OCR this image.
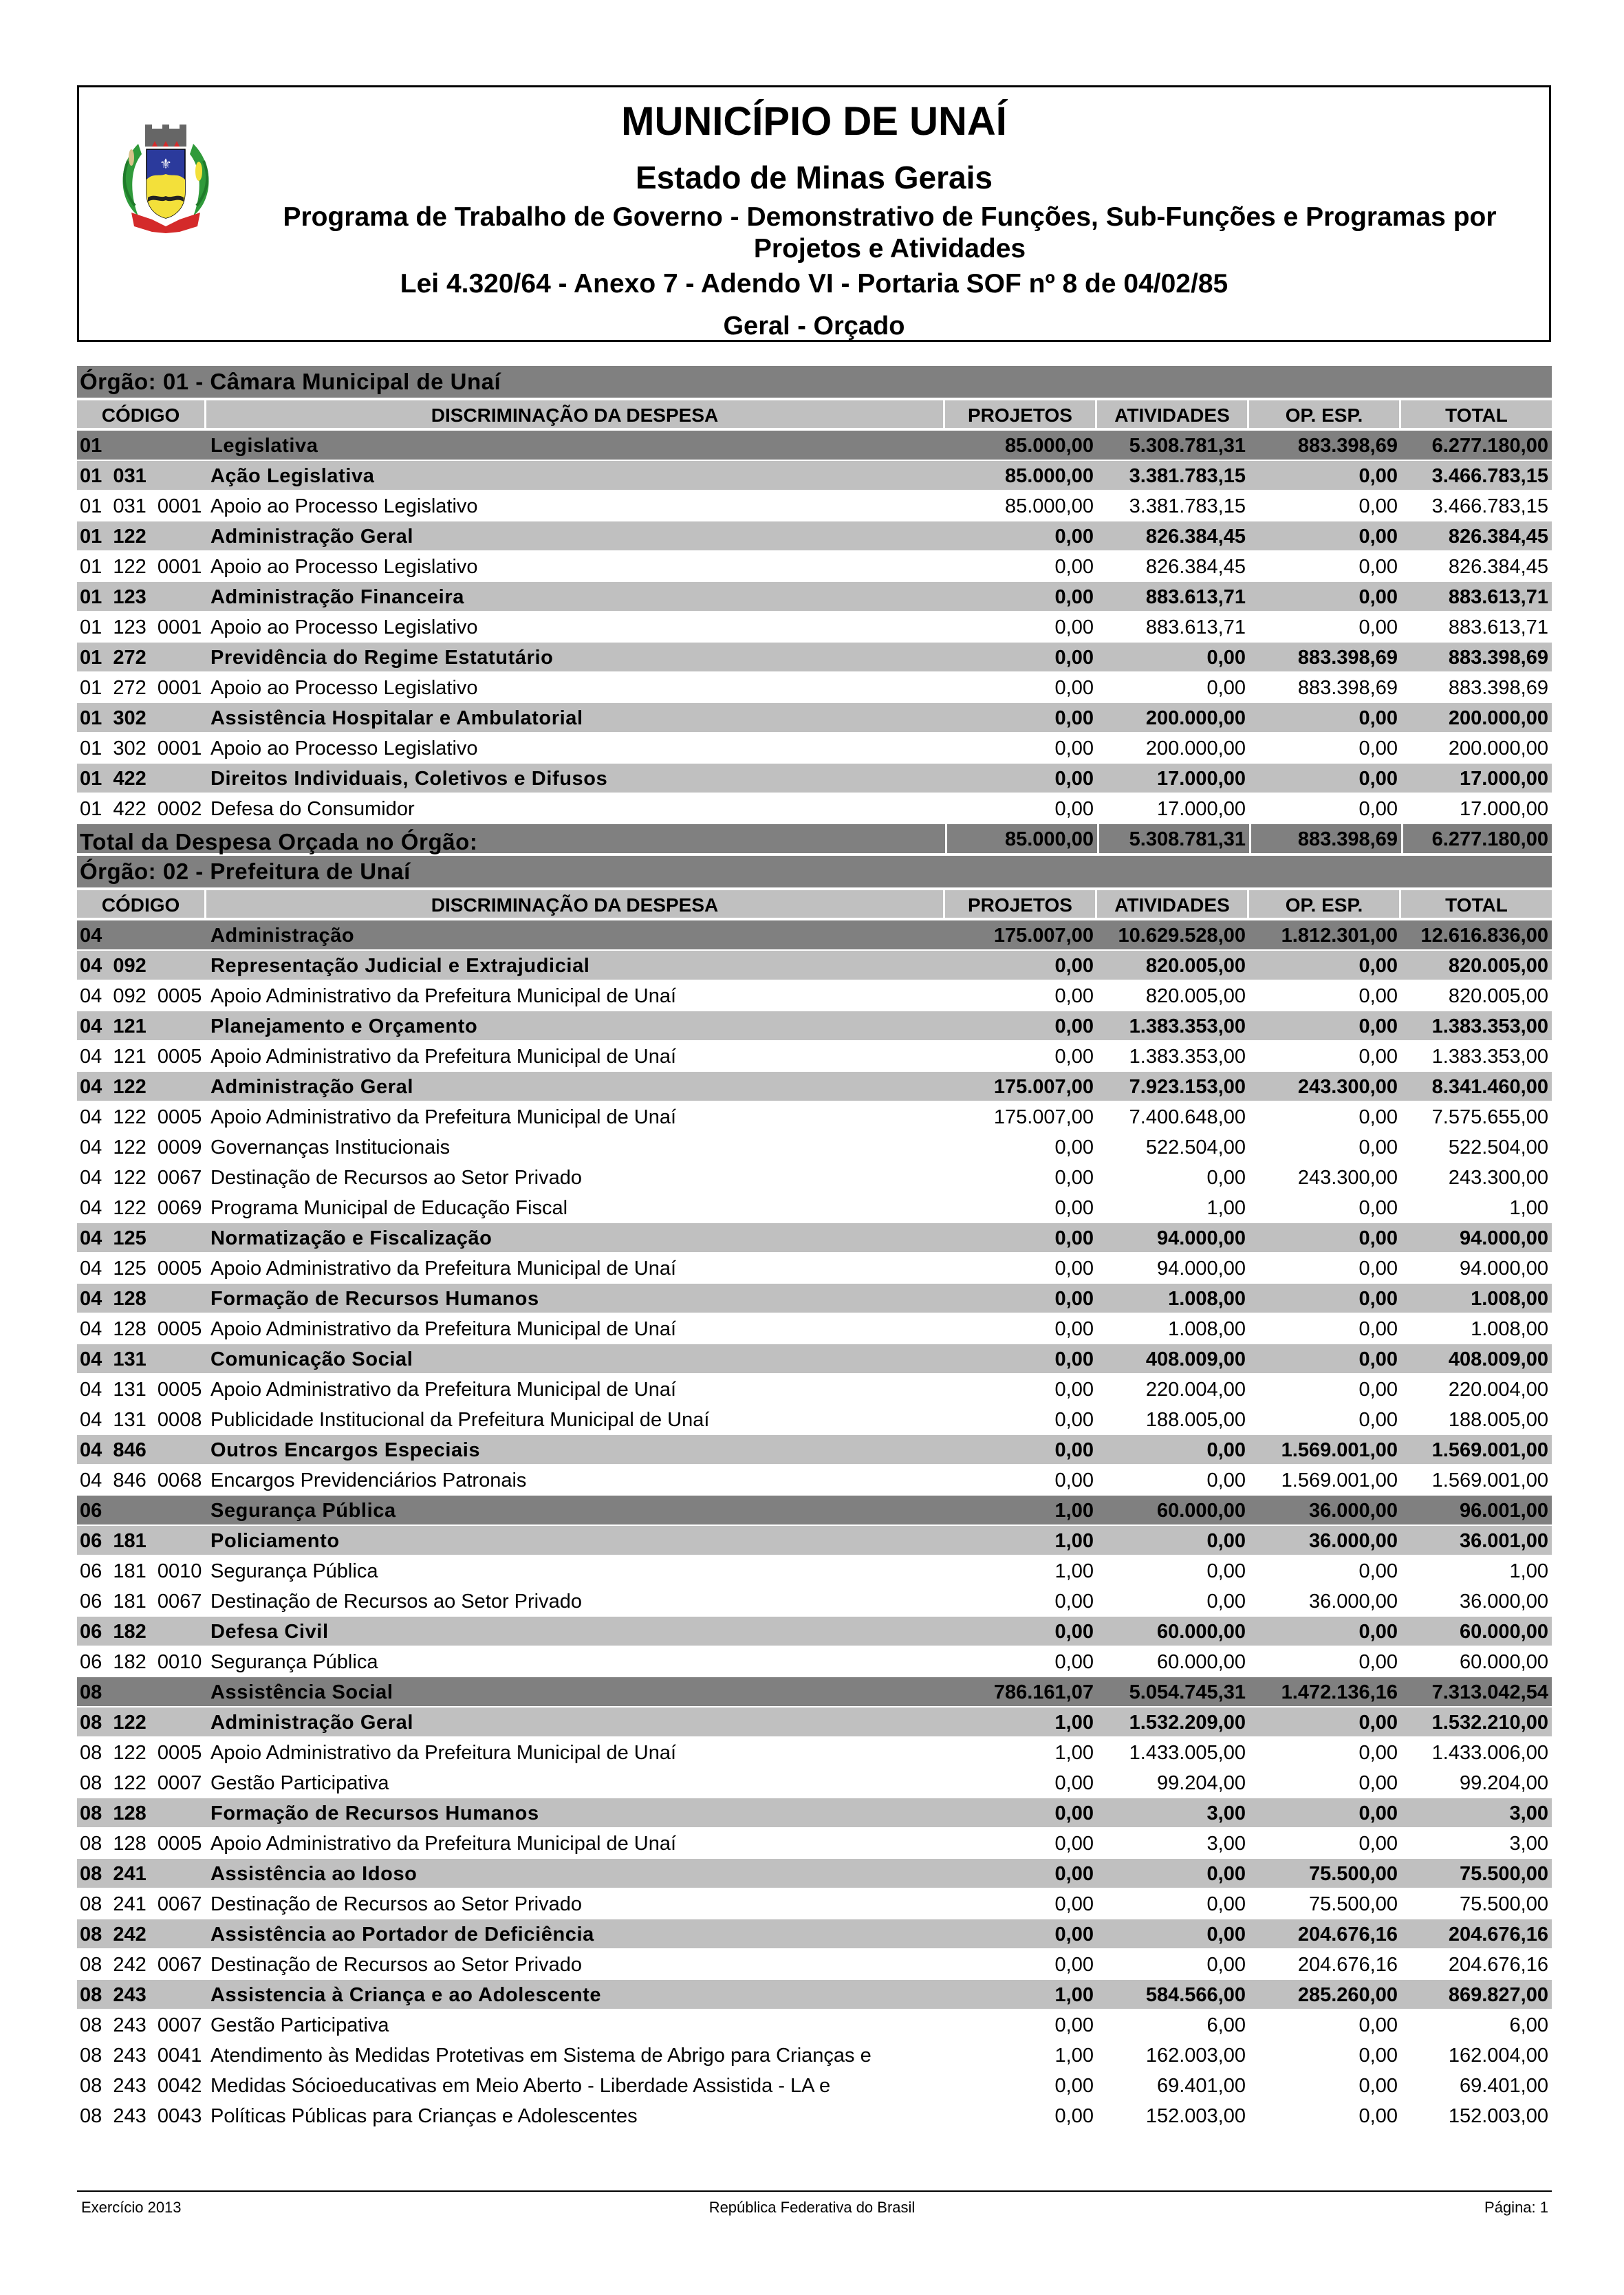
⚜
MUNICÍPIO DE UNAÍ
Estado de Minas Gerais
Programa de Trabalho de Governo - Demonstrativo de Funções, Sub-Funções e Programas por Projetos e Atividades
Lei 4.320/64 - Anexo 7 - Adendo VI - Portaria SOF nº 8 de 04/02/85
Geral - Orçado
Órgão: 01 - Câmara Municipal de Unaí
CÓDIGO	DISCRIMINAÇÃO DA DESPESA	PROJETOS	ATIVIDADES	OP. ESP.	TOTAL
01	Legislativa	85.000,00	5.308.781,31	883.398,69	6.277.180,00
01  031	Ação Legislativa	85.000,00	3.381.783,15	0,00	3.466.783,15
01  031  0001 Apoio ao Processo Legislativo	85.000,00	3.381.783,15	0,00	3.466.783,15
01  122	Administração Geral	0,00	826.384,45	0,00	826.384,45
01  122  0001 Apoio ao Processo Legislativo	0,00	826.384,45	0,00	826.384,45
01  123	Administração Financeira	0,00	883.613,71	0,00	883.613,71
01  123  0001 Apoio ao Processo Legislativo	0,00	883.613,71	0,00	883.613,71
01  272	Previdência do Regime Estatutário	0,00	0,00	883.398,69	883.398,69
01  272  0001 Apoio ao Processo Legislativo	0,00	0,00	883.398,69	883.398,69
01  302	Assistência Hospitalar e Ambulatorial	0,00	200.000,00	0,00	200.000,00
01  302  0001 Apoio ao Processo Legislativo	0,00	200.000,00	0,00	200.000,00
01  422	Direitos Individuais, Coletivos e Difusos	0,00	17.000,00	0,00	17.000,00
01  422  0002 Defesa do Consumidor	0,00	17.000,00	0,00	17.000,00
Total da Despesa Orçada no Órgão:	85.000,00	5.308.781,31	883.398,69	6.277.180,00
Órgão: 02 - Prefeitura de Unaí
CÓDIGO	DISCRIMINAÇÃO DA DESPESA	PROJETOS	ATIVIDADES	OP. ESP.	TOTAL
04	Administração	175.007,00	10.629.528,00	1.812.301,00	12.616.836,00
04  092	Representação Judicial e Extrajudicial	0,00	820.005,00	0,00	820.005,00
04  092  0005 Apoio Administrativo da Prefeitura Municipal de Unaí	0,00	820.005,00	0,00	820.005,00
04  121	Planejamento e Orçamento	0,00	1.383.353,00	0,00	1.383.353,00
04  121  0005 Apoio Administrativo da Prefeitura Municipal de Unaí	0,00	1.383.353,00	0,00	1.383.353,00
04  122	Administração Geral	175.007,00	7.923.153,00	243.300,00	8.341.460,00
04  122  0005 Apoio Administrativo da Prefeitura Municipal de Unaí	175.007,00	7.400.648,00	0,00	7.575.655,00
04  122  0009 Governanças Institucionais	0,00	522.504,00	0,00	522.504,00
04  122  0067 Destinação de Recursos ao Setor Privado	0,00	0,00	243.300,00	243.300,00
04  122  0069 Programa Municipal de Educação Fiscal	0,00	1,00	0,00	1,00
04  125	Normatização e Fiscalização	0,00	94.000,00	0,00	94.000,00
04  125  0005 Apoio Administrativo da Prefeitura Municipal de Unaí	0,00	94.000,00	0,00	94.000,00
04  128	Formação de Recursos Humanos	0,00	1.008,00	0,00	1.008,00
04  128  0005 Apoio Administrativo da Prefeitura Municipal de Unaí	0,00	1.008,00	0,00	1.008,00
04  131	Comunicação Social	0,00	408.009,00	0,00	408.009,00
04  131  0005 Apoio Administrativo da Prefeitura Municipal de Unaí	0,00	220.004,00	0,00	220.004,00
04  131  0008 Publicidade Institucional da Prefeitura Municipal de Unaí	0,00	188.005,00	0,00	188.005,00
04  846	Outros Encargos Especiais	0,00	0,00	1.569.001,00	1.569.001,00
04  846  0068 Encargos Previdenciários Patronais	0,00	0,00	1.569.001,00	1.569.001,00
06	Segurança Pública	1,00	60.000,00	36.000,00	96.001,00
06  181	Policiamento	1,00	0,00	36.000,00	36.001,00
06  181  0010 Segurança Pública	1,00	0,00	0,00	1,00
06  181  0067 Destinação de Recursos ao Setor Privado	0,00	0,00	36.000,00	36.000,00
06  182	Defesa Civil	0,00	60.000,00	0,00	60.000,00
06  182  0010 Segurança Pública	0,00	60.000,00	0,00	60.000,00
08	Assistência Social	786.161,07	5.054.745,31	1.472.136,16	7.313.042,54
08  122	Administração Geral	1,00	1.532.209,00	0,00	1.532.210,00
08  122  0005 Apoio Administrativo da Prefeitura Municipal de Unaí	1,00	1.433.005,00	0,00	1.433.006,00
08  122  0007 Gestão Participativa	0,00	99.204,00	0,00	99.204,00
08  128	Formação de Recursos Humanos	0,00	3,00	0,00	3,00
08  128  0005 Apoio Administrativo da Prefeitura Municipal de Unaí	0,00	3,00	0,00	3,00
08  241	Assistência ao Idoso	0,00	0,00	75.500,00	75.500,00
08  241  0067 Destinação de Recursos ao Setor Privado	0,00	0,00	75.500,00	75.500,00
08  242	Assistência ao Portador de Deficiência	0,00	0,00	204.676,16	204.676,16
08  242  0067 Destinação de Recursos ao Setor Privado	0,00	0,00	204.676,16	204.676,16
08  243	Assistencia à Criança e ao Adolescente	1,00	584.566,00	285.260,00	869.827,00
08  243  0007 Gestão Participativa	0,00	6,00	0,00	6,00
08  243  0041 Atendimento às Medidas Protetivas em Sistema de Abrigo para Crianças e	1,00	162.003,00	0,00	162.004,00
08  243  0042 Medidas Sócioeducativas em Meio Aberto - Liberdade Assistida - LA e	0,00	69.401,00	0,00	69.401,00
08  243  0043 Políticas Públicas para Crianças e Adolescentes	0,00	152.003,00	0,00	152.003,00
Exercício 2013	República Federativa do Brasil	Página: 1
